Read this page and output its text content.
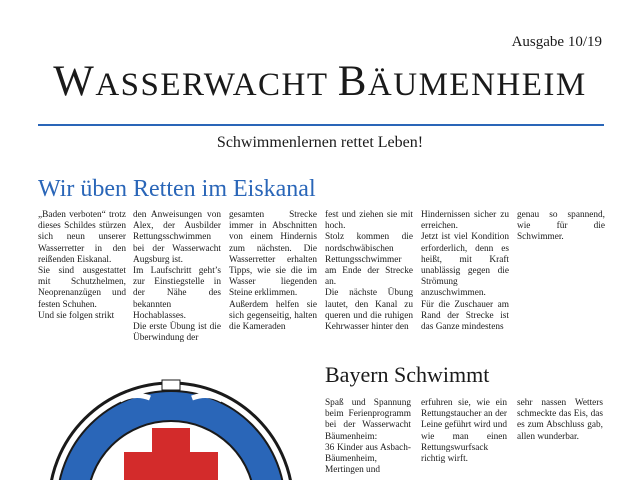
Ausgabe 10/19
WASSERWACHT BÄUMENHEIM
Schwimmenlernen rettet Leben!
Wir üben Retten im Eiskanal

„Baden verboten“ trotz dieses Schildes stürzen sich neun unserer Wasserretter in den reißenden Eiskanal.

Sie sind ausgestattet mit Schutzhelmen, Neoprenanzügen und festen Schuhen.

Und sie folgen strikt

den Anweisungen von Alex, der Ausbilder Rettungsschwimmen bei der Wasserwacht Augsburg ist.

Im Laufschritt geht’s zur Einstiegstelle in der Nähe des bekannten Hochablasses.

Die erste Übung ist die Überwindung der

gesamten Strecke immer in Abschnitten von einem Hindernis zum nächsten. Die Wasserretter erhalten Tipps, wie sie die im Wasser liegenden Steine erklimmen.

Außerdem helfen sie sich gegenseitig, halten die Kameraden

fest und ziehen sie mit hoch.

Stolz kommen die nordschwäbischen Rettungsschwimmer am Ende der Strecke an.

Die nächste Übung lautet, den Kanal zu queren und die ruhigen Kehrwasser hinter den

Hindernissen sicher zu erreichen.

Jetzt ist viel Kondition erforderlich, denn es heißt, mit Kraft unablässig gegen die Strömung anzuschwimmen.

Für die Zuschauer am Rand der Strecke ist das Ganze mindestens

genau so spannend, wie für die Schwimmer.

Bayern Schwimmt

Spaß und Spannung beim Ferienprogramm bei der Wasserwacht Bäumenheim:

36 Kinder aus Asbach-Bäumenheim, Mertingen und

erfuhren sie, wie ein Rettungstaucher an der Leine geführt wird und wie man einen Rettungswurfsack richtig wirft.

sehr nassen Wetters schmeckte das Eis, das es zum Abschluss gab, allen wunderbar.
